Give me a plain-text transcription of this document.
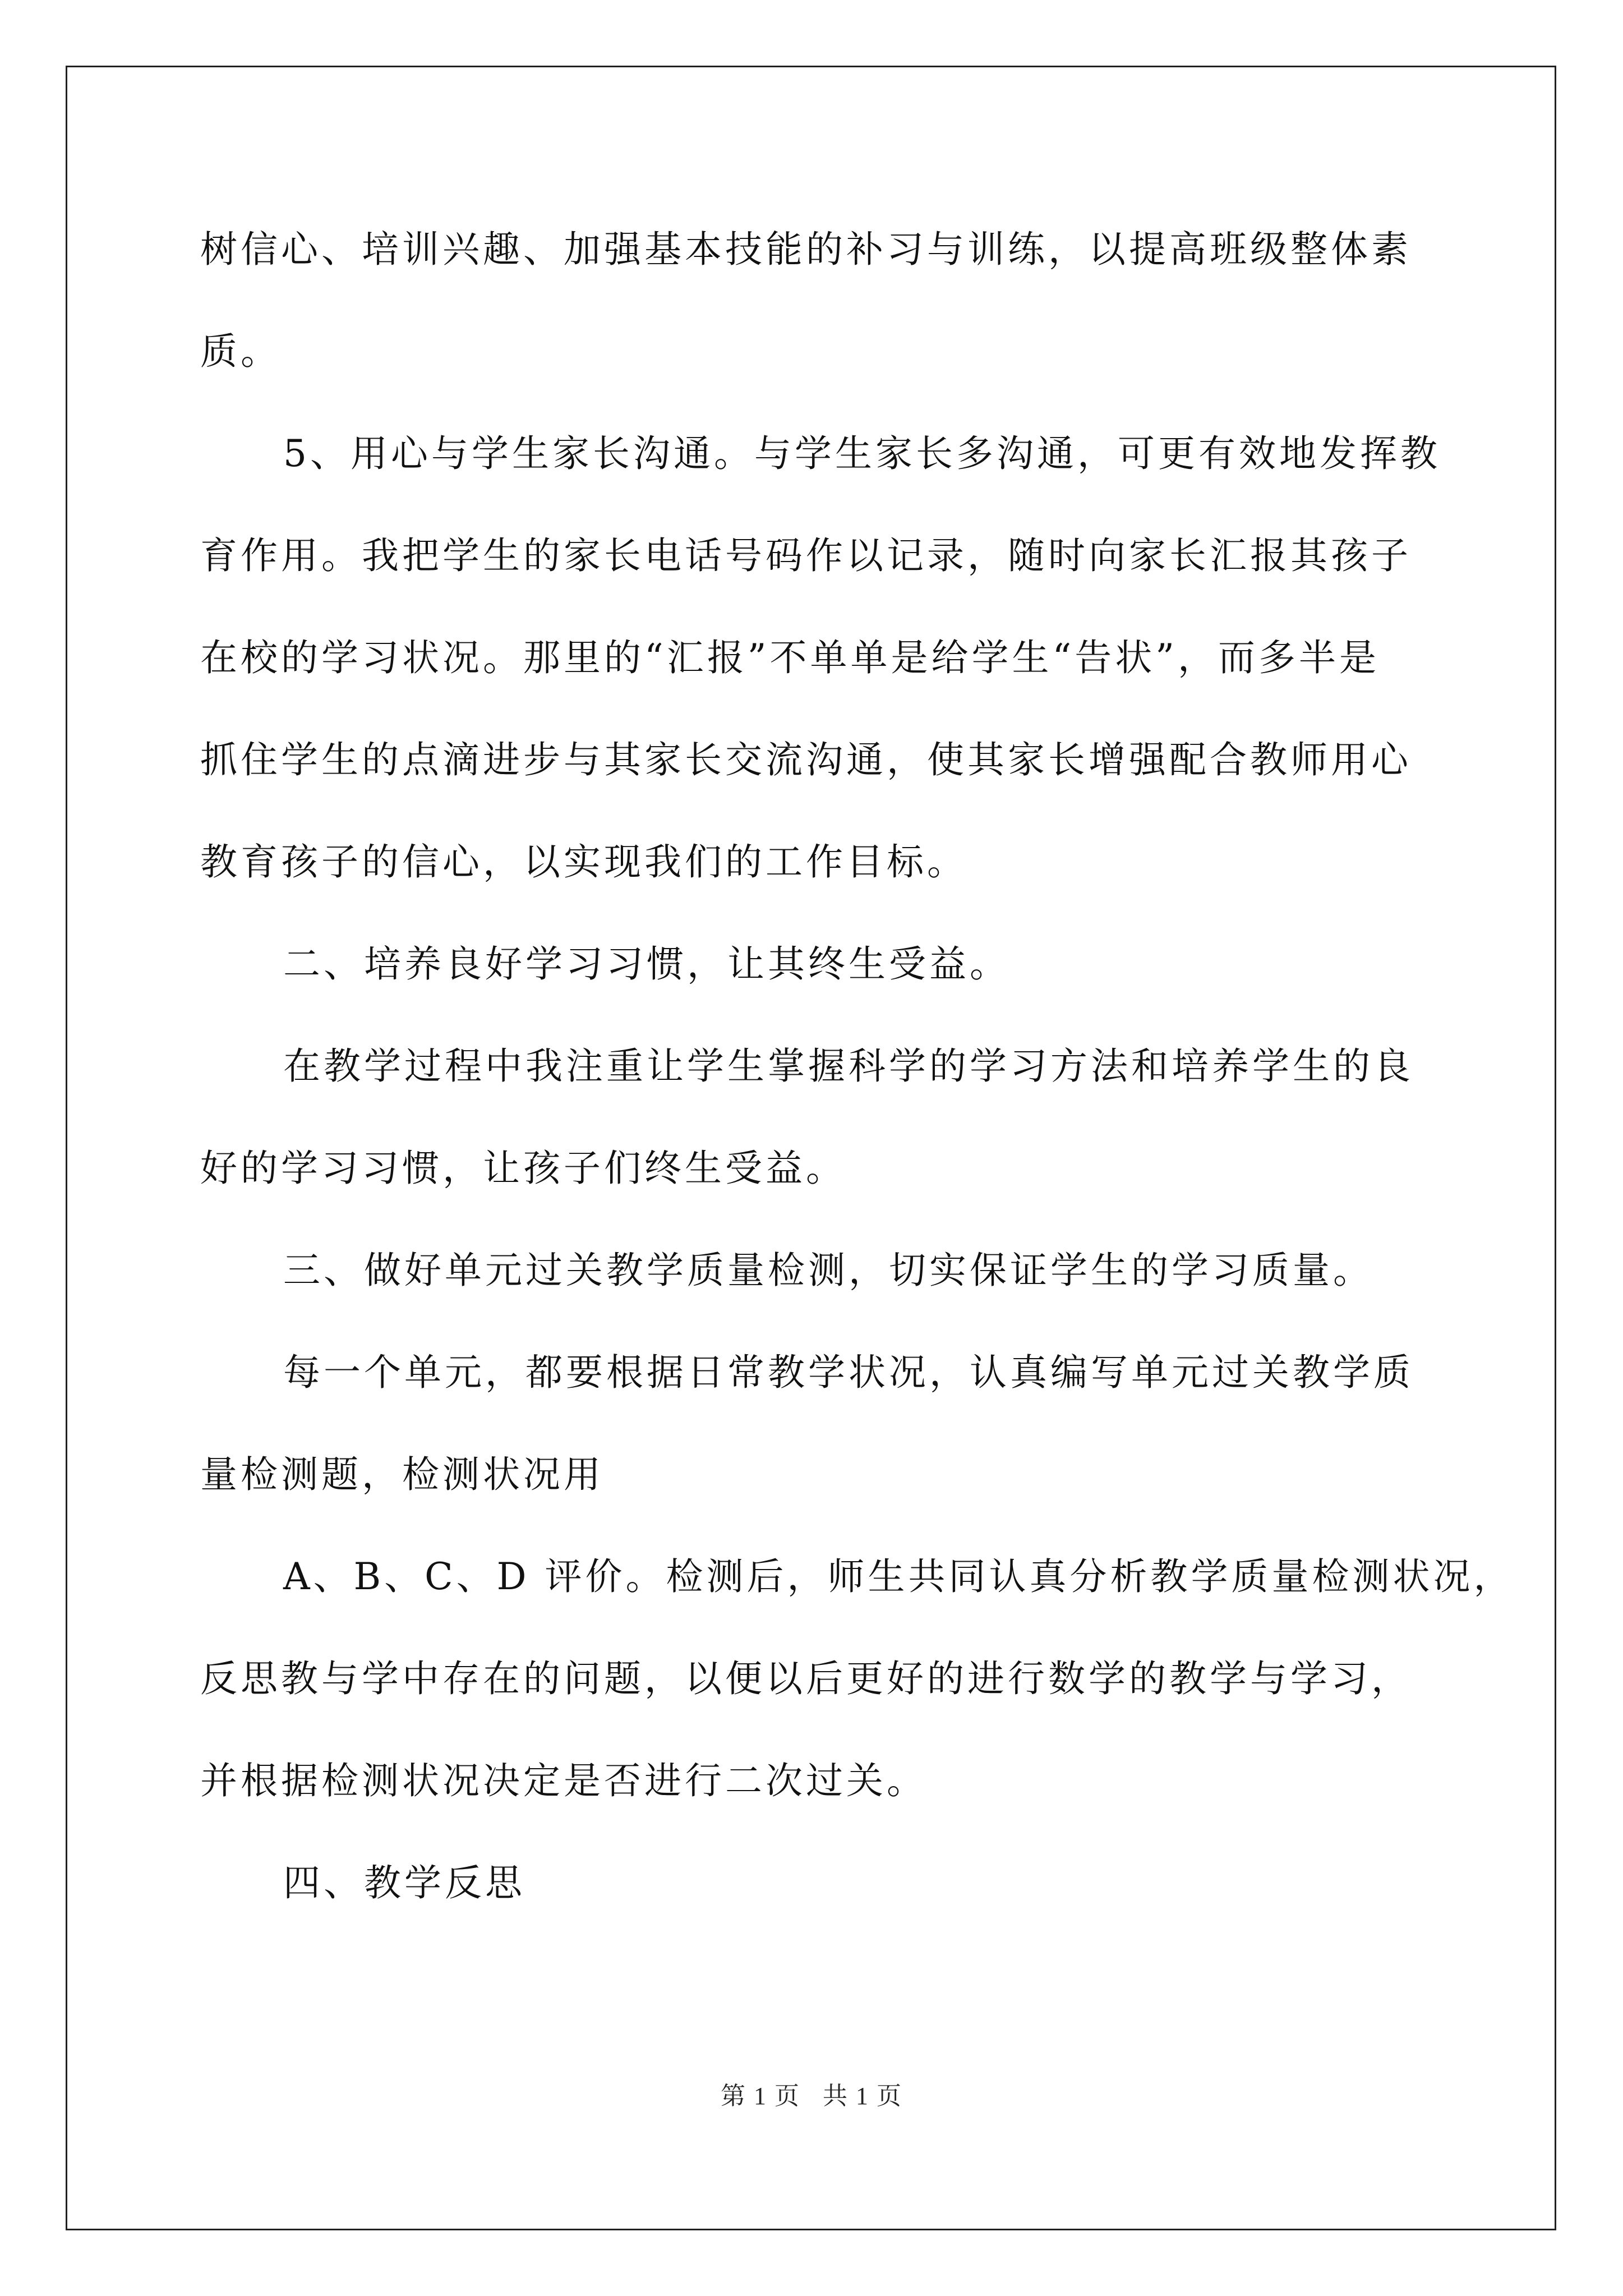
树信心、培训兴趣、加强基本技能的补习与训练，以提高班级整体素
质。
5、用心与学生家长沟通。与学生家长多沟通，可更有效地发挥教
育作用。我把学生的家长电话号码作以记录，随时向家长汇报其孩子
在校的学习状况。那里的“汇报”不单单是给学生“告状”，而多半是
抓住学生的点滴进步与其家长交流沟通，使其家长增强配合教师用心
教育孩子的信心，以实现我们的工作目标。
二、培养良好学习习惯，让其终生受益。
在教学过程中我注重让学生掌握科学的学习方法和培养学生的良
好的学习习惯，让孩子们终生受益。
三、做好单元过关教学质量检测，切实保证学生的学习质量。
每一个单元，都要根据日常教学状况，认真编写单元过关教学质
量检测题，检测状况用
A、B、C、D 评价。检测后，师生共同认真分析教学质量检测状况，
反思教与学中存在的问题，以便以后更好的进行数学的教学与学习，
并根据检测状况决定是否进行二次过关。
四、教学反思
第 1 页 共 1 页
